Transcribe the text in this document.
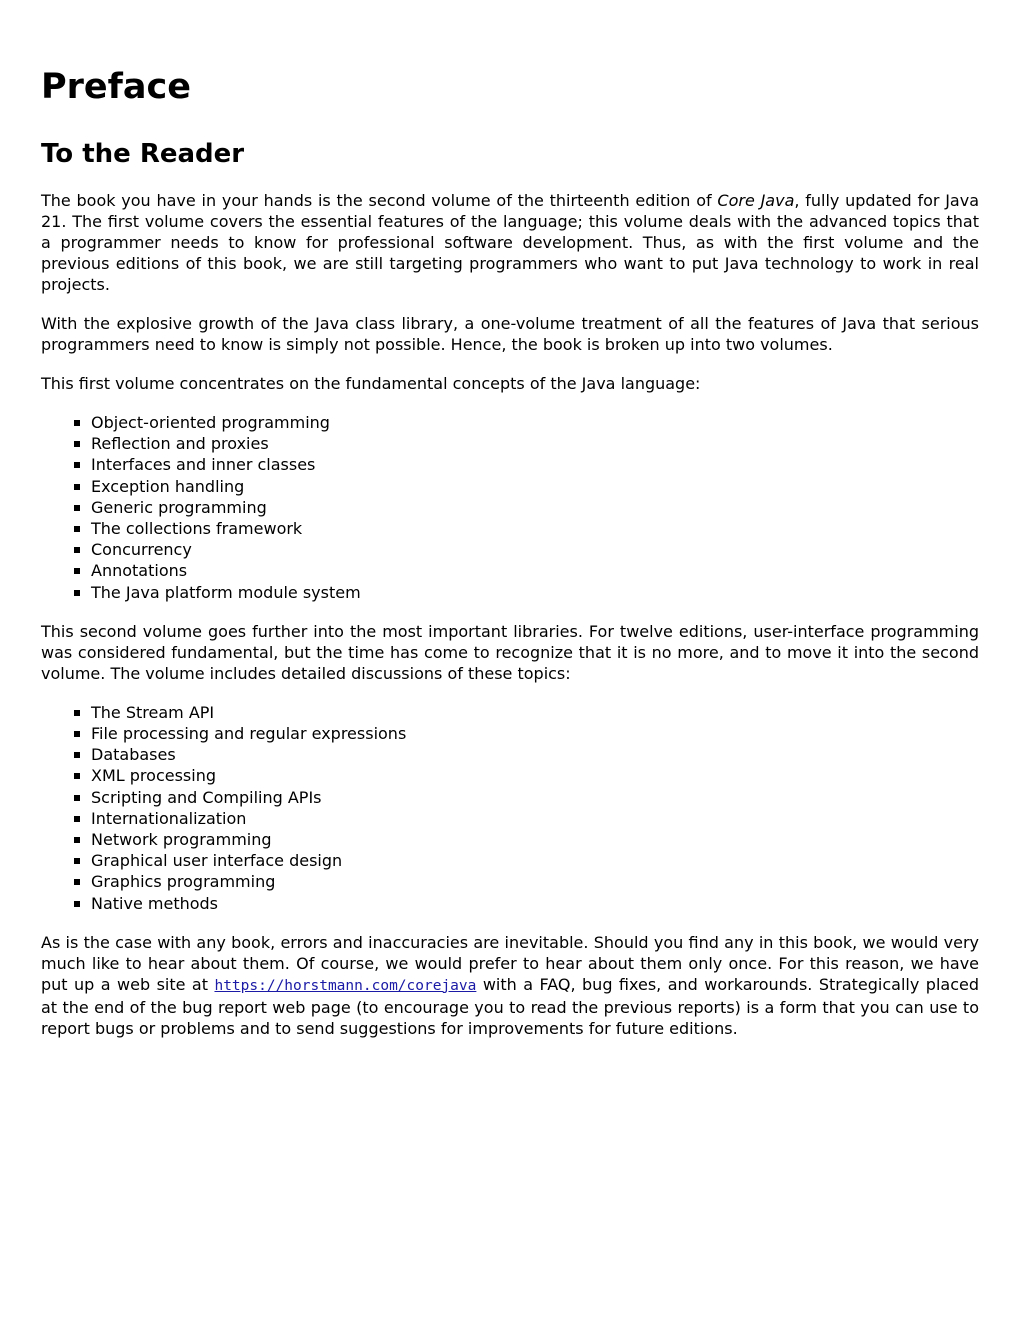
Preface
To the Reader

The book you have in your hands is the second volume of the thirteenth edition of Core Java, fully updated for Java 21. The first volume covers the essential features of the language; this volume deals with the advanced topics that a programmer needs to know for professional software development. Thus, as with the first volume and the previous editions of this book, we are still targeting programmers who want to put Java technology to work in real projects.

With the explosive growth of the Java class library, a one-volume treatment of all the features of Java that serious programmers need to know is simply not possible. Hence, the book is broken up into two volumes.

This first volume concentrates on the fundamental concepts of the Java language:

Object-oriented programming
Reflection and proxies
Interfaces and inner classes
Exception handling
Generic programming
The collections framework
Concurrency
Annotations
The Java platform module system

This second volume goes further into the most important libraries. For twelve editions, user-interface programming was considered fundamental, but the time has come to recognize that it is no more, and to move it into the second volume. The volume includes detailed discussions of these topics:

The Stream API
File processing and regular expressions
Databases
XML processing
Scripting and Compiling APIs
Internationalization
Network programming
Graphical user interface design
Graphics programming
Native methods

As is the case with any book, errors and inaccuracies are inevitable. Should you find any in this book, we would very much like to hear about them. Of course, we would prefer to hear about them only once. For this reason, we have put up a web site at https://horstmann.com/corejava with a FAQ, bug fixes, and workarounds. Strategically placed at the end of the bug report web page (to encourage you to read the previous reports) is a form that you can use to report bugs or problems and to send suggestions for improvements for future editions.
